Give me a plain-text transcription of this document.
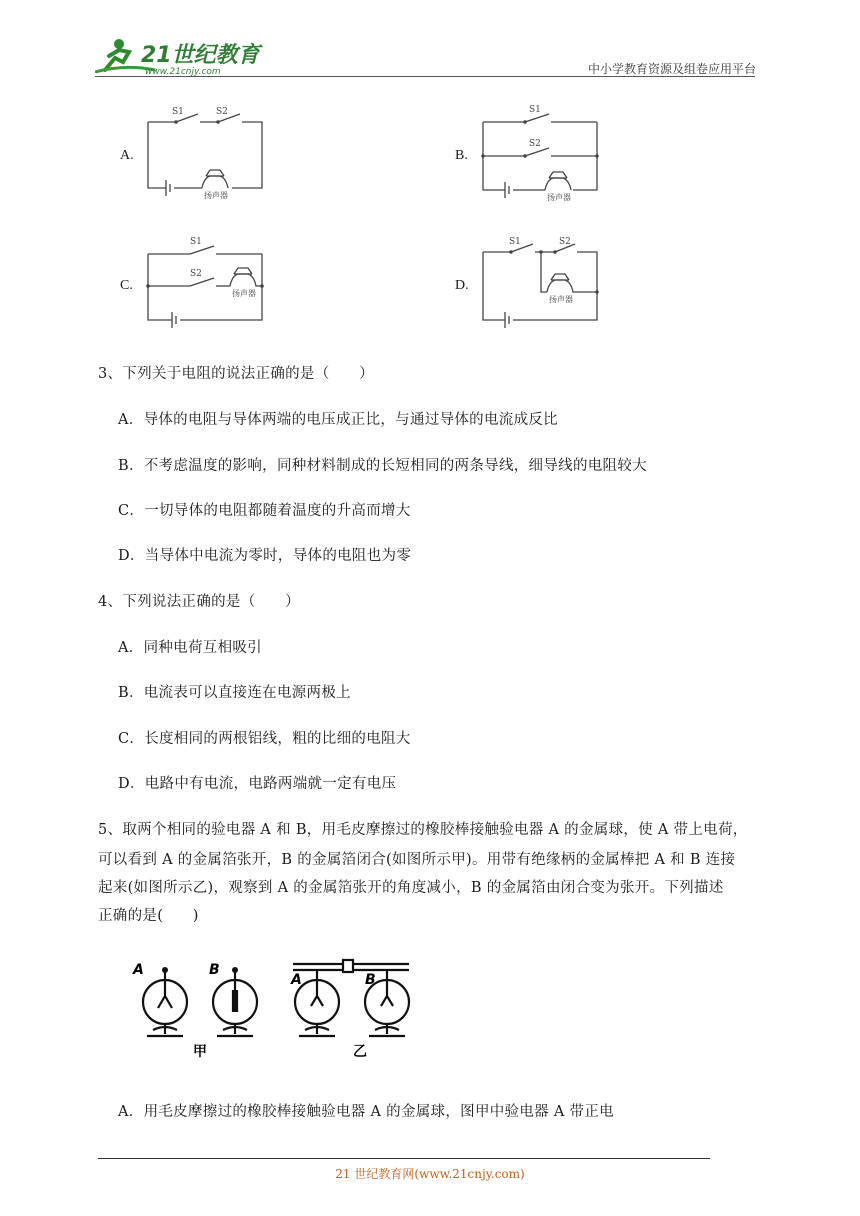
21世纪教育
www.21cnjy.com	中小学教育资源及组卷应用平台
A.
S1	S2
扬声器
B.
S1
S2
扬声器
C.
S1
S2
扬声器
D.
S1	S2
扬声器
3、下列关于电阻的说法正确的是（　　）
A．导体的电阻与导体两端的电压成正比，与通过导体的电流成反比
B．不考虑温度的影响，同种材料制成的长短相同的两条导线，细导线的电阻较大
C．一切导体的电阻都随着温度的升高而增大
D．当导体中电流为零时，导体的电阻也为零
4、下列说法正确的是（　　）
A．同种电荷互相吸引
B．电流表可以直接连在电源两极上
C．长度相同的两根铝线，粗的比细的电阻大
D．电路中有电流，电路两端就一定有电压
5、取两个相同的验电器 A 和 B，用毛皮摩擦过的橡胶棒接触验电器 A 的金属球，使 A 带上电荷，
可以看到 A 的金属箔张开，B 的金属箔闭合(如图所示甲)。用带有绝缘柄的金属棒把 A 和 B 连接
起来(如图所示乙)，观察到 A 的金属箔张开的角度减小，B 的金属箔由闭合变为张开。下列描述
正确的是(　　)
A	B
A	B
甲	乙
A．用毛皮摩擦过的橡胶棒接触验电器 A 的金属球，图甲中验电器 A 带正电
21 世纪教育网(www.21cnjy.com)
